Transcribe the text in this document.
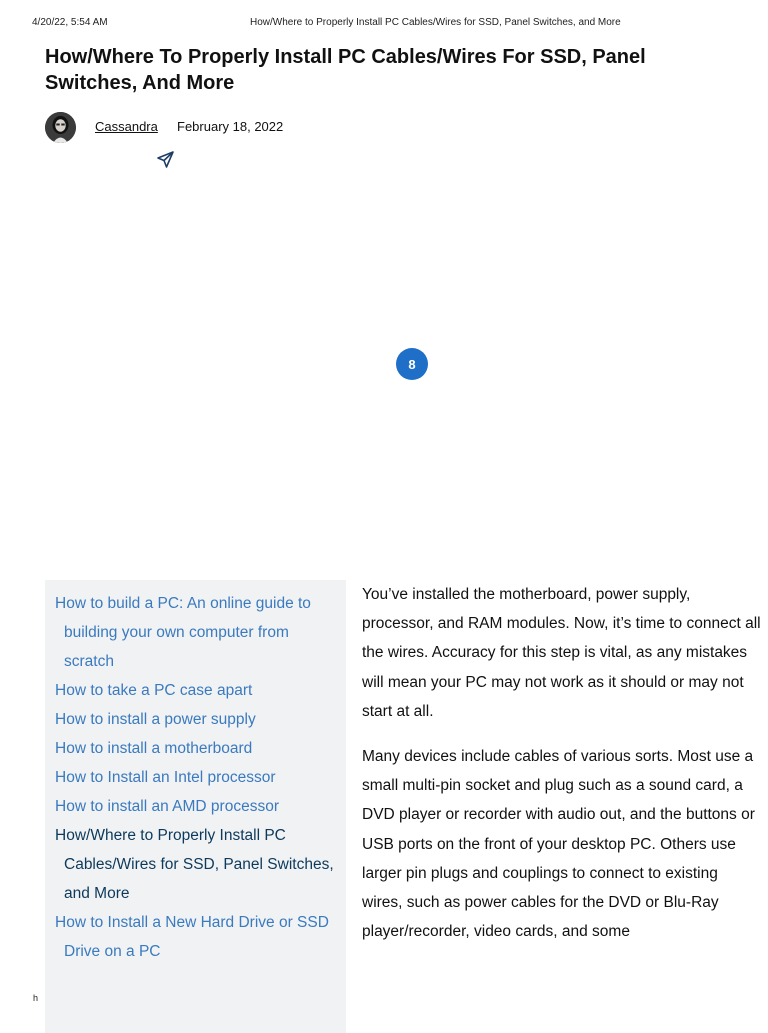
4/20/22, 5:54 AM	How/Where to Properly Install PC Cables/Wires for SSD, Panel Switches, and More
How/Where To Properly Install PC Cables/Wires For SSD, Panel Switches, And More
Cassandra February 18, 2022
8
How to build a PC: An online guide to building your own computer from scratch
How to take a PC case apart
How to install a power supply
How to install a motherboard
How to Install an Intel processor
How to install an AMD processor
How/Where to Properly Install PC Cables/Wires for SSD, Panel Switches, and More
How to Install a New Hard Drive or SSD Drive on a PC

You’ve installed the motherboard, power supply, processor, and RAM modules. Now, it’s time to connect all the wires. Accuracy for this step is vital, as any mistakes will mean your PC may not work as it should or may not start at all.

Many devices include cables of various sorts. Most use a small multi-pin socket and plug such as a sound card, a DVD player or recorder with audio out, and the buttons or USB ports on the front of your desktop PC. Others use larger pin plugs and couplings to connect to existing wires, such as power cables for the DVD or Blu-Ray player/recorder, video cards, and some

h
